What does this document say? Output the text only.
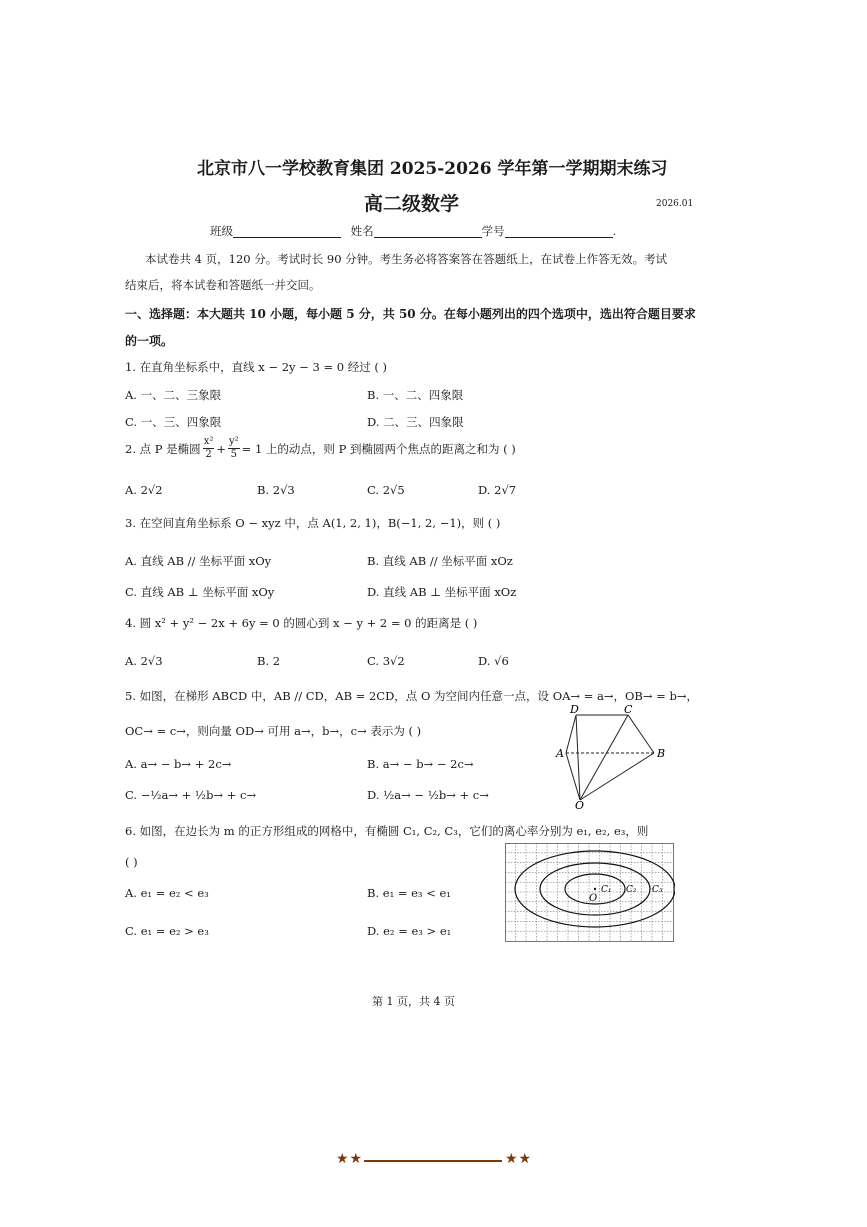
北京市八一学校教育集团 2025-2026 学年第一学期期末练习
高二级数学	2026.01
班级	姓名	学号	.
本试卷共 4 页，120 分。考试时长 90 分钟。考生务必将答案答在答题纸上，在试卷上作答无效。考试
结束后，将本试卷和答题纸一并交回。
一、选择题：本大题共 10 小题，每小题 5 分，共 50 分。在每小题列出的四个选项中，选出符合题目要求
的一项。
1. 在直角坐标系中，直线 x − 2y − 3 = 0 经过 ( )
A. 一、二、三象限	B. 一、二、四象限
C. 一、三、四象限	D. 二、三、四象限
2. 点 P 是椭圆 $\frac{\text{x²}}{2} + \frac{\text{y²}}{5} = 1$ 上的动点，则 P 到椭圆两个焦点的距离之和为 ( )
A. 2√2	B. 2√3	C. 2√5	D. 2√7
3. 在空间直角坐标系 O − xyz 中，点 A(1, 2, 1)，B(−1, 2, −1)，则 ( )
A. 直线 AB // 坐标平面 xOy	B. 直线 AB // 坐标平面 xOz
C. 直线 AB ⊥ 坐标平面 xOy	D. 直线 AB ⊥ 坐标平面 xOz
4. 圆 x² + y² − 2x + 6y = 0 的圆心到 x − y + 2 = 0 的距离是 ( )
A. 2√3	B. 2	C. 3√2	D. √6
5. 如图，在梯形 ABCD 中，AB // CD，AB = 2CD，点 O 为空间内任意一点，设 OA→ = a→，OB→ = b→，
OC→ = c→，则向量 OD→ 可用 a→，b→，c→ 表示为 ( )
A. a→ − b→ + 2c→	B. a→ − b→ − 2c→
C. −½a→ + ½b→ + c→	D. ½a→ − ½b→ + c→
D	C
A	B
O
6. 如图，在边长为 m 的正方形组成的网格中，有椭圆 C₁, C₂, C₃，它们的离心率分别为 e₁, e₂, e₃，则
( )
A. e₁ = e₂ < e₃	B. e₁ = e₃ < e₁
C. e₁ = e₂ > e₃	D. e₂ = e₃ > e₁
O
C₁ C₂ C₃
第 1 页，共 4 页
★★	★★
